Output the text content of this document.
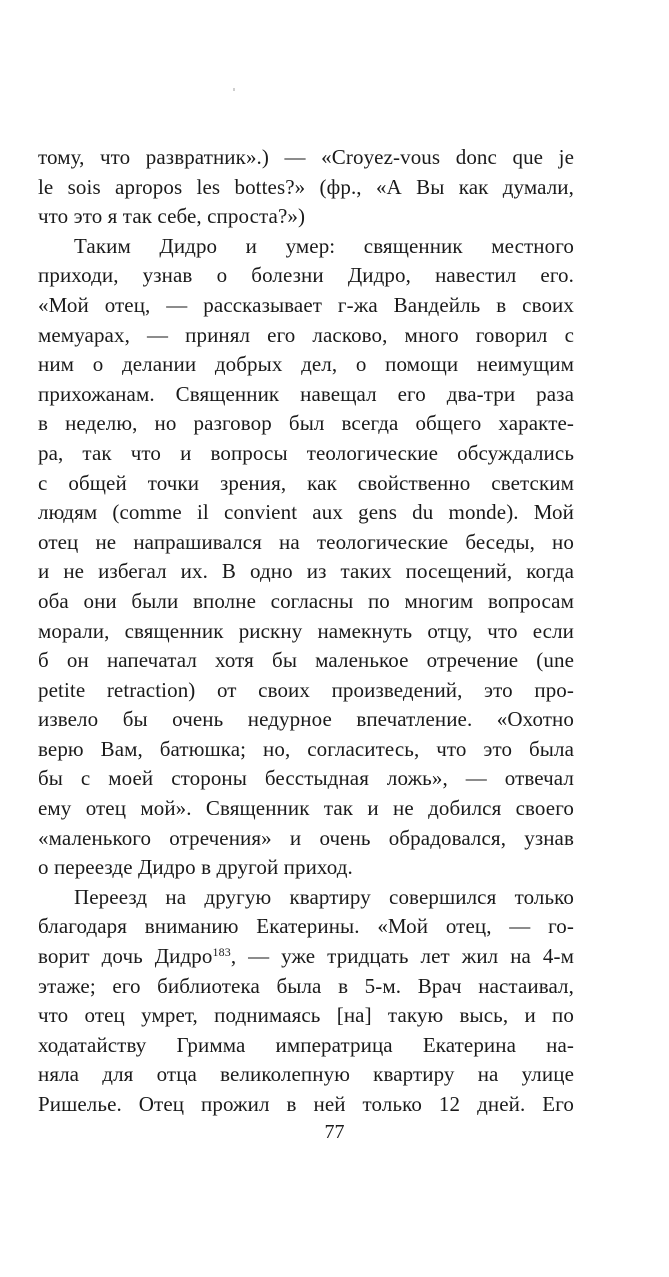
тому, что развратник».) — «Croyez-vous donc que je
le sois apropos les bottes?» (фр., «А Вы как думали,
что это я так себе, спроста?»)
Таким Дидро и умер: священник местного
приходи, узнав о болезни Дидро, навестил его.
«Мой отец, — рассказывает г-жа Вандейль в своих
мемуарах, — принял его ласково, много говорил с
ним о делании добрых дел, о помощи неимущим
прихожанам. Священник навещал его два-три раза
в неделю, но разговор был всегда общего характе-
ра, так что и вопросы теологические обсуждались
с общей точки зрения, как свойственно светским
людям (comme il convient aux gens du monde). Мой
отец не напрашивался на теологические беседы, но
и не избегал их. В одно из таких посещений, когда
оба они были вполне согласны по многим вопросам
морали, священник рискну намекнуть отцу, что если
б он напечатал хотя бы маленькое отречение (une
petite retraction) от своих произведений, это про-
извело бы очень недурное впечатление. «Охотно
верю Вам, батюшка; но, согласитесь, что это была
бы с моей стороны бесстыдная ложь», — отвечал
ему отец мой». Священник так и не добился своего
«маленького отречения» и очень обрадовался, узнав
о переезде Дидро в другой приход.
Переезд на другую квартиру совершился только
благодаря вниманию Екатерины. «Мой отец, — го-
ворит дочь Дидро$^{183}$, — уже тридцать лет жил на 4-м
этаже; его библиотека была в 5-м. Врач настаивал,
что отец умрет, поднимаясь [на] такую высь, и по
ходатайству Гримма императрица Екатерина на-
няла для отца великолепную квартиру на улице
Ришелье. Отец прожил в ней только 12 дней. Его
77
